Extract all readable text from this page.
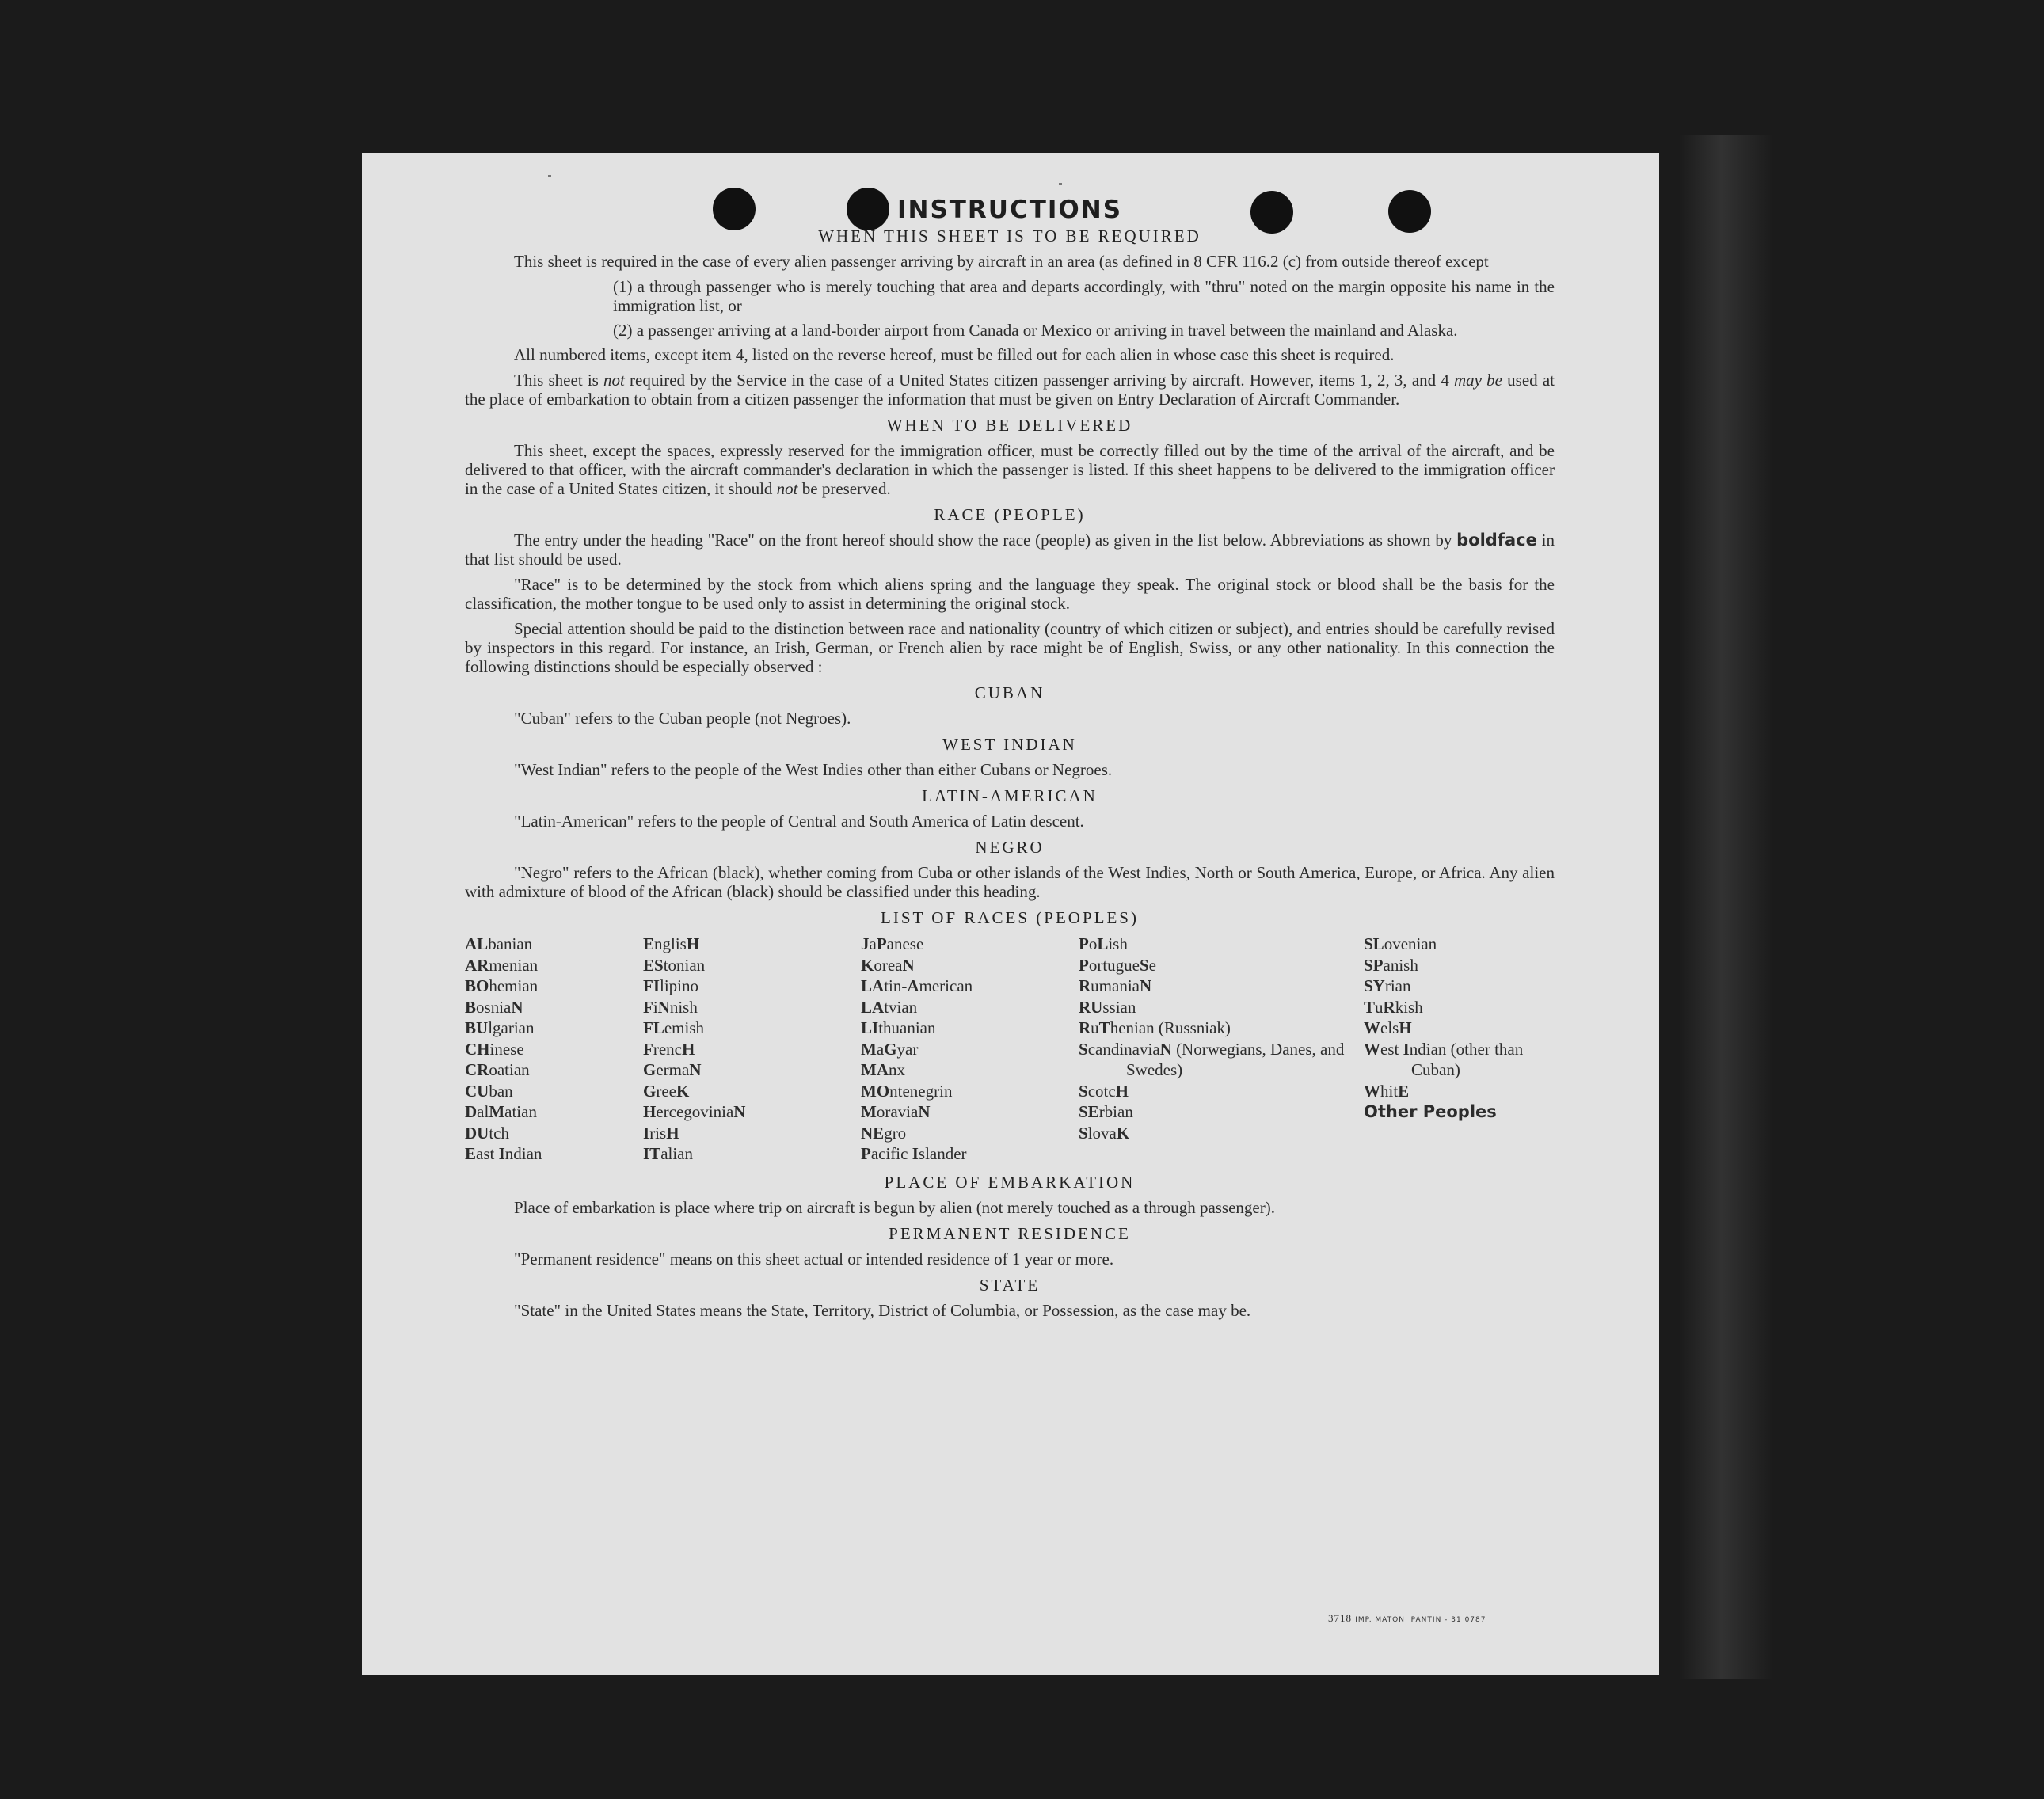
INSTRUCTIONS
WHEN THIS SHEET IS TO BE REQUIRED

This sheet is required in the case of every alien passenger arriving by aircraft in an area (as defined in 8 CFR 116.2 (c) from outside thereof except

(1) a through passenger who is merely touching that area and departs accordingly, with "thru" noted on the margin opposite his name in the immigration list, or

(2) a passenger arriving at a land-border airport from Canada or Mexico or arriving in travel between the mainland and Alaska.

All numbered items, except item 4, listed on the reverse hereof, must be filled out for each alien in whose case this sheet is required.

This sheet is not required by the Service in the case of a United States citizen passenger arriving by aircraft. However, items 1, 2, 3, and 4 may be used at the place of embarkation to obtain from a citizen passenger the information that must be given on Entry Declaration of Aircraft Commander.

WHEN TO BE DELIVERED

This sheet, except the spaces, expressly reserved for the immigration officer, must be correctly filled out by the time of the arrival of the aircraft, and be delivered to that officer, with the aircraft commander's declaration in which the passenger is listed. If this sheet happens to be delivered to the immigration officer in the case of a United States citizen, it should not be preserved.

RACE (PEOPLE)

The entry under the heading "Race" on the front hereof should show the race (people) as given in the list below. Abbreviations as shown by boldface in that list should be used.

"Race" is to be determined by the stock from which aliens spring and the language they speak. The original stock or blood shall be the basis for the classification, the mother tongue to be used only to assist in determining the original stock.

Special attention should be paid to the distinction between race and nationality (country of which citizen or subject), and entries should be carefully revised by inspectors in this regard. For instance, an Irish, German, or French alien by race might be of English, Swiss, or any other nationality. In this connection the following distinctions should be especially observed :

CUBAN

"Cuban" refers to the Cuban people (not Negroes).

WEST INDIAN

"West Indian" refers to the people of the West Indies other than either Cubans or Negroes.

LATIN-AMERICAN

"Latin-American" refers to the people of Central and South America of Latin descent.

NEGRO

"Negro" refers to the African (black), whether coming from Cuba or other islands of the West Indies, North or South America, Europe, or Africa. Any alien with admixture of blood of the African (black) should be classified under this heading.

LIST OF RACES (PEOPLES)
ALbanian
ARmenian
BOhemian
BosniaN
BUlgarian
CHinese
CRoatian
CUban
DalMatian
DUtch
East Indian
EnglisH
EStonian
FIlipino
FiNnish
FLemish
FrencH
GermaN
GreeK
HercegoviniaN
IrisH
ITalian
JaPanese
KoreaN
LAtin-American
LAtvian
LIthuanian
MaGyar
MAnx
MOntenegrin
MoraviaN
NEgro
Pacific Islander
PoLish
PortugueSe
RumaniaN
RUssian
RuThenian (Russniak)
ScandinaviaN (Norwegians, Danes, and Swedes)
ScotcH
SErbian
SlovaK
SLovenian
SPanish
SYrian
TuRkish
WelsH
West Indian (other than Cuban)
WhitE
Other Peoples
PLACE OF EMBARKATION

Place of embarkation is place where trip on aircraft is begun by alien (not merely touched as a through passenger).

PERMANENT RESIDENCE

"Permanent residence" means on this sheet actual or intended residence of 1 year or more.

STATE

"State" in the United States means the State, Territory, District of Columbia, or Possession, as the case may be.

3718 IMP. MATON, PANTIN - 31 0787
